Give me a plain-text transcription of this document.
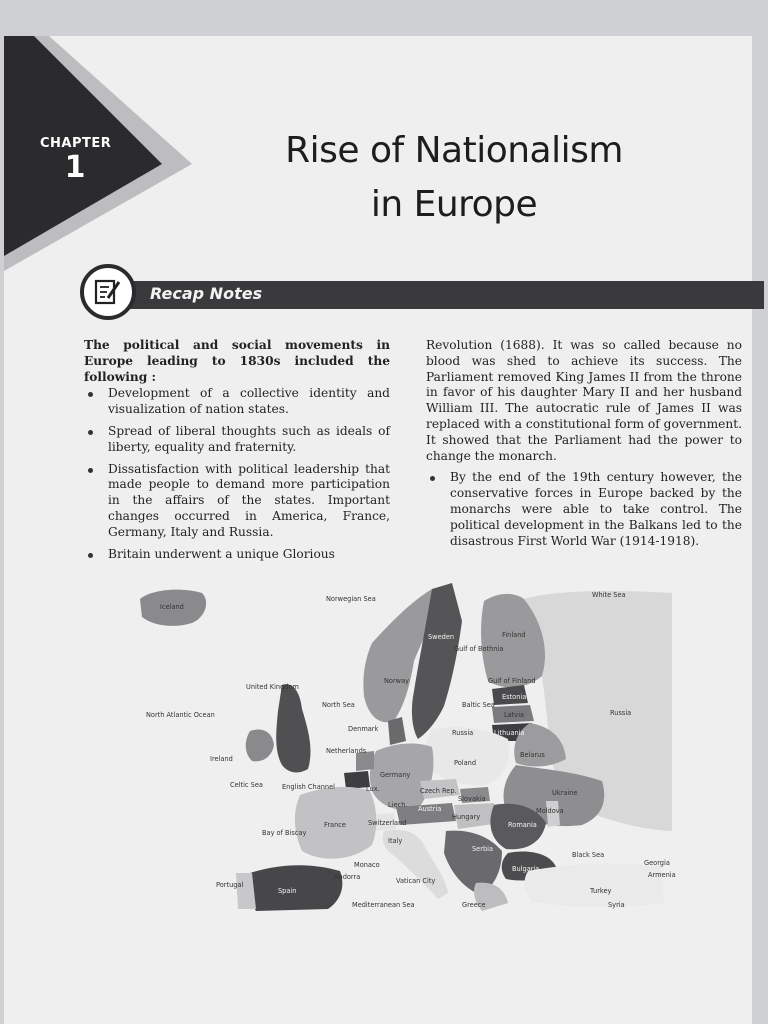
CHAPTER
1	Rise of Nationalism
in Europe
Recap Notes

The political and social movements in Europe leading to 1830s included the following :

Development of a collective identity and visualization of nation states.
Spread of liberal thoughts such as ideals of liberty, equality and fraternity.
Dissatisfaction with political leadership that made people to demand more participation in the affairs of the states. Important changes occurred in America, France, Germany, Italy and Russia.
Britain underwent a unique Glorious

Revolution (1688). It was so called because no blood was shed to achieve its success. The Parliament removed King James II from the throne in favor of his daughter Mary II and her husband William III. The autocratic rule of James II was replaced with a constitutional form of government. It showed that the Parliament had the power to change the monarch.

By the end of the 19th century however, the conservative forces in Europe backed by the monarchs were able to take control. The political development in the Balkans led to the disastrous First World War (1914-1918).
Iceland
Norwegian Sea	White Sea
Sweden	Finland
Norway
Gulf of Bothnia
Gulf of Finland
Estonia
Baltic Sea
Latvia
Lithuania
Russia
Russia
United Kingdom
North Sea
North Atlantic Ocean
Denmark
Netherlands
Ireland	Poland
Belarus
Germany
Celtic Sea	English Channel	Lux.	Czech Rep.
Slovakia
Ukraine
Liech. Austria
Switzerland
Hungary
Moldova
France	Romania
Bay of Biscay
Italy
Serbia
Bulgaria
Black Sea
Georgia
Armenia
Monaco
Andorra
Portugal
Spain
Vatican City
Turkey
Greece
Mediterranean Sea	Syria
